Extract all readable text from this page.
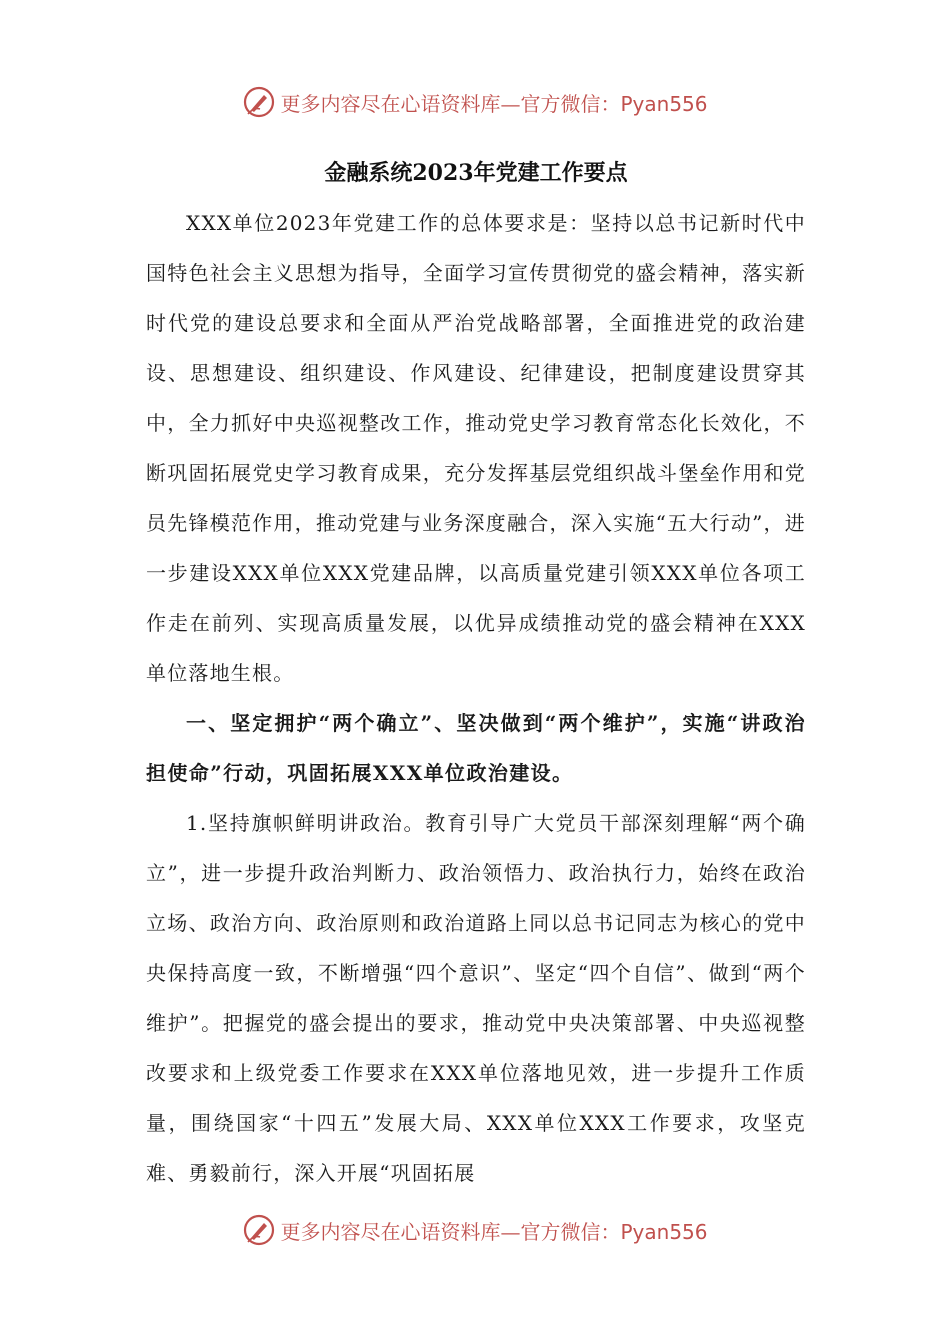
更多内容尽在心语资料库—官方微信：Pyan556
金融系统2023年党建工作要点

XXX单位2023年党建工作的总体要求是：坚持以总书记新时代中国特色社会主义思想为指导，全面学习宣传贯彻党的盛会精神，落实新时代党的建设总要求和全面从严治党战略部署，全面推进党的政治建设、思想建设、组织建设、作风建设、纪律建设，把制度建设贯穿其中，全力抓好中央巡视整改工作，推动党史学习教育常态化长效化，不断巩固拓展党史学习教育成果，充分发挥基层党组织战斗堡垒作用和党员先锋模范作用，推动党建与业务深度融合，深入实施“五大行动”，进一步建设XXX单位XXX党建品牌，以高质量党建引领XXX单位各项工作走在前列、实现高质量发展，以优异成绩推动党的盛会精神在XXX单位落地生根。

一、坚定拥护“两个确立”、坚决做到“两个维护”，实施“讲政治担使命”行动，巩固拓展XXX单位政治建设。

1.坚持旗帜鲜明讲政治。教育引导广大党员干部深刻理解“两个确立”，进一步提升政治判断力、政治领悟力、政治执行力，始终在政治立场、政治方向、政治原则和政治道路上同以总书记同志为核心的党中央保持高度一致，不断增强“四个意识”、坚定“四个自信”、做到“两个维护”。把握党的盛会提出的要求，推动党中央决策部署、中央巡视整改要求和上级党委工作要求在XXX单位落地见效，进一步提升工作质量，围绕国家“十四五”发展大局、XXX单位XXX工作要求，攻坚克难、勇毅前行，深入开展“巩固拓展

更多内容尽在心语资料库—官方微信：Pyan556
